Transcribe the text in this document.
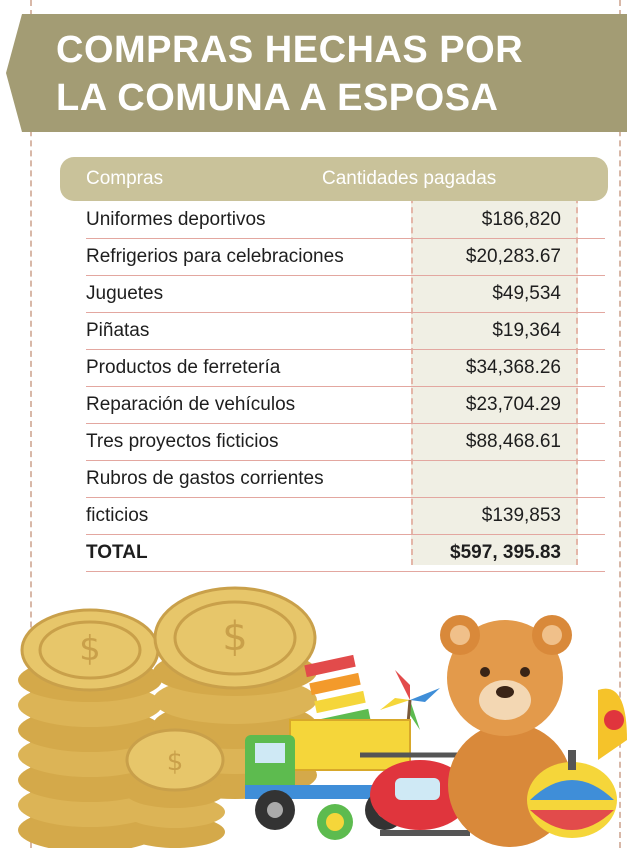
COMPRAS HECHAS POR
LA COMUNA A ESPOSA
Compras	Cantidades pagadas
Uniformes deportivos	$186,820
Refrigerios para celebraciones	$20,283.67
Juguetes	$49,534
Piñatas	$19,364
Productos de ferretería	$34,368.26
Reparación de vehículos	$23,704.29
Tres proyectos ficticios	$88,468.61
Rubros de gastos corrientes
ficticios	$139,853
TOTAL	$597, 395.83
$	$
$
